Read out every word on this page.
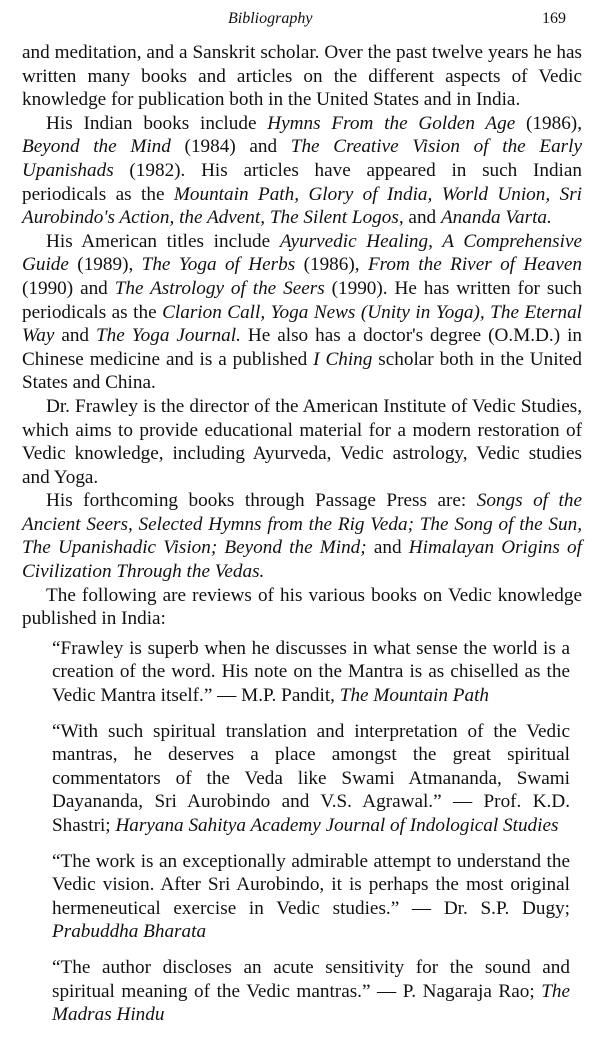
Bibliography	169

and meditation, and a Sanskrit scholar. Over the past twelve years he has written many books and articles on the different aspects of Vedic knowledge for publication both in the United States and in India.

His Indian books include Hymns From the Golden Age (1986), Beyond the Mind (1984) and The Creative Vision of the Early Upanishads (1982). His articles have appeared in such Indian periodicals as the Mountain Path, Glory of India, World Union, Sri Aurobindo's Action, the Advent, The Silent Logos, and Ananda Varta.

His American titles include Ayurvedic Healing, A Comprehensive Guide (1989), The Yoga of Herbs (1986), From the River of Heaven (1990) and The Astrology of the Seers (1990). He has written for such periodicals as the Clarion Call, Yoga News (Unity in Yoga), The Eternal Way and The Yoga Journal. He also has a doctor's degree (O.M.D.) in Chinese medicine and is a published I Ching scholar both in the United States and China.

Dr. Frawley is the director of the American Institute of Vedic Studies, which aims to provide educational material for a modern restoration of Vedic knowledge, including Ayurveda, Vedic astrology, Vedic studies and Yoga.

His forthcoming books through Passage Press are: Songs of the Ancient Seers, Selected Hymns from the Rig Veda; The Song of the Sun, The Upanishadic Vision; Beyond the Mind; and Himalayan Origins of Civilization Through the Vedas.

The following are reviews of his various books on Vedic knowledge published in India:

“Frawley is superb when he discusses in what sense the world is a creation of the word. His note on the Mantra is as chiselled as the Vedic Mantra itself.” — M.P. Pandit, The Mountain Path

“With such spiritual translation and interpretation of the Vedic mantras, he deserves a place amongst the great spiritual commentators of the Veda like Swami Atmananda, Swami Dayananda, Sri Aurobindo and V.S. Agrawal.” — Prof. K.D. Shastri; Haryana Sahitya Academy Journal of Indological Studies

“The work is an exceptionally admirable attempt to understand the Vedic vision. After Sri Aurobindo, it is perhaps the most original hermeneutical exercise in Vedic studies.” — Dr. S.P. Dugy; Prabuddha Bharata

“The author discloses an acute sensitivity for the sound and spiritual meaning of the Vedic mantras.” — P. Nagaraja Rao; The Madras Hindu
